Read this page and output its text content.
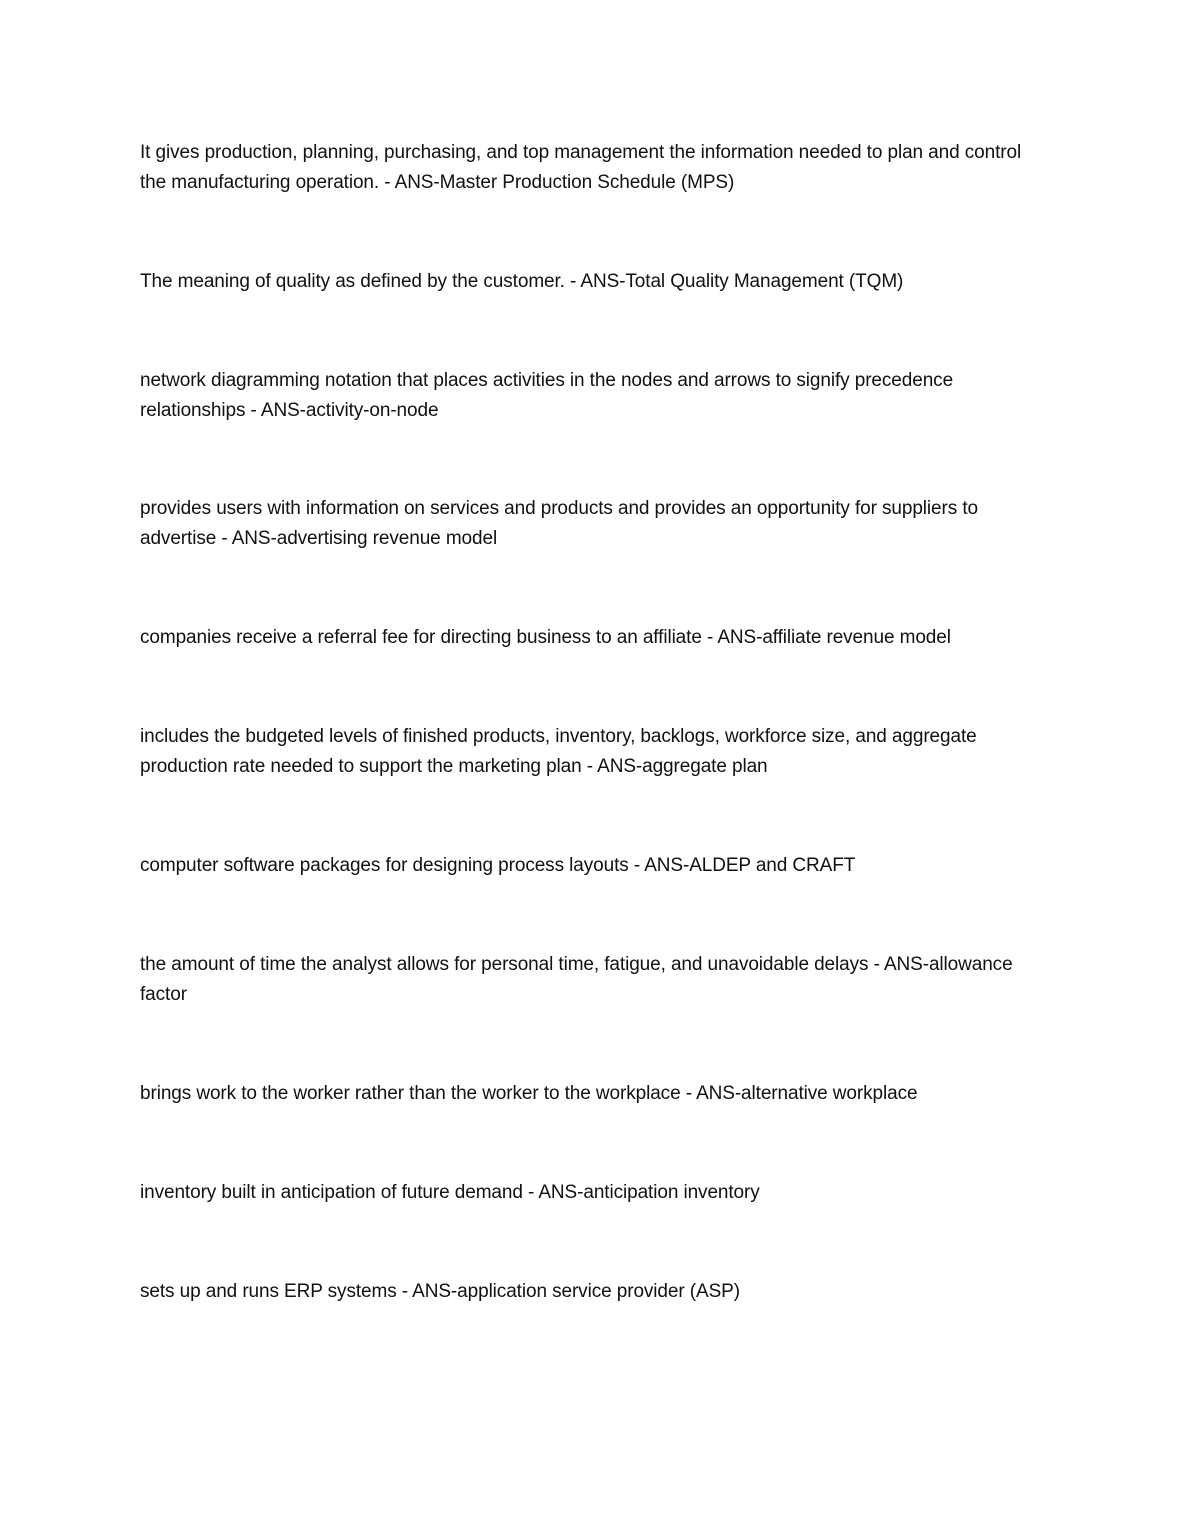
It gives production, planning, purchasing, and top management the information needed to plan and control the manufacturing operation. - ANS-Master Production Schedule (MPS)

The meaning of quality as defined by the customer. - ANS-Total Quality Management (TQM)

network diagramming notation that places activities in the nodes and arrows to signify precedence relationships - ANS-activity-on-node

provides users with information on services and products and provides an opportunity for suppliers to advertise - ANS-advertising revenue model

companies receive a referral fee for directing business to an affiliate - ANS-affiliate revenue model

includes the budgeted levels of finished products, inventory, backlogs, workforce size, and aggregate production rate needed to support the marketing plan - ANS-aggregate plan

computer software packages for designing process layouts - ANS-ALDEP and CRAFT

the amount of time the analyst allows for personal time, fatigue, and unavoidable delays - ANS-allowance factor

brings work to the worker rather than the worker to the workplace - ANS-alternative workplace

inventory built in anticipation of future demand - ANS-anticipation inventory

sets up and runs ERP systems - ANS-application service provider (ASP)
